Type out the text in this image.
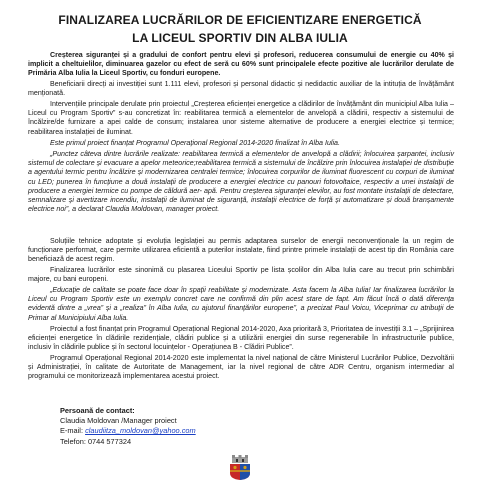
FINALIZAREA LUCRĂRILOR DE EFICIENTIZARE ENERGETICĂ
LA LICEUL SPORTIV DIN ALBA IULIA

Creșterea siguranței și a gradului de confort pentru elevi și profesori, reducerea consumului de energie cu 40% și implicit a cheltuielilor, diminuarea gazelor cu efect de seră cu 60% sunt principalele efecte pozitive ale lucrărilor derulate de Primăria Alba Iulia la Liceul Sportiv, cu fonduri europene.

Beneficiarii direcți ai investiției sunt 1.111 elevi, profesori și personal didactic și nedidactic auxiliar de la intituția de învățământ menționată.

Intervențiile principale derulate prin proiectul „Creșterea eficienței energetice a clădirilor de învățământ din municipiul Alba Iulia – Liceul cu Program Sportiv” s-au concretizat în: reabilitarea termică a elementelor de anvelopă a clădirii, respectiv a sistemului de încălzire/de furnizare a apei calde de consum; instalarea unor sisteme alternative de producere a energiei electrice și termice; reabilitarea instalației de iluminat.

Este primul proiect finanțat Programul Operațional Regional 2014-2020 finalizat în Alba Iulia.

„Punctez câteva dintre lucrările realizate: reabilitarea termică a elementelor de anvelopă a clădirii; înlocuirea șarpantei, inclusiv sistemul de colectare și evacuare a apelor meteorice;reabilitarea termică a sistemului de încălzire prin înlocuirea instalației de distribuție a agentului termic pentru încălzire și modernizarea centralei termice; înlocuirea corpurilor de iluminat fluorescent cu corpuri de iluminat cu LED; punerea în funcțiune a două instalații de producere a energiei electrice cu panouri fotovoltaice, respectiv a unei instalații de producere a energiei termice cu pompe de căldură aer- apă. Pentru creșterea siguranței elevilor, au fost montate instalații de detectare, semnalizare și avertizare incendiu, instalații de iluminat de siguranță, instalații electrice de forță și automatizare și două branșamente electrice noi”, a declarat Claudia Moldovan, manager proiect.

Soluțiile tehnice adoptate și evoluția legislației au permis adaptarea surselor de energii neconvenționale la un regim de funcționare performat, care permite utilizarea eficientă a puterilor instalate, fiind printre primele instalații de acest tip din România care beneficiază de acest regim.

Finalizarea lucrărilor este sinonimă cu plasarea Liceului Sportiv pe lista școlilor din Alba Iulia care au trecut prin schimbări majore, cu bani europeni.

„Educație de calitate se poate face doar în spații reabilitate și modernizate. Asta facem la Alba Iulia! Iar finalizarea lucrărilor la Liceul cu Program Sportiv este un exemplu concret care ne confirmă din plin acest stare de fapt. Am făcut încă o dată diferența evidentă dintre a „vrea” și a „realiza” în Alba Iulia, cu ajutorul finanțărilor europene”, a precizat Paul Voicu, Viceprimar cu atribuții de Primar al Municipiului Alba Iulia.

Proiectul a fost finanțat prin Programul Operațional Regional 2014-2020, Axa prioritară 3, Prioritatea de investiții 3.1 – „Sprijinirea eficienței energetice în clădirile rezidențiale, clădiri publice și a utilizării energiei din surse regenerabile în infrastructurile publice, inclusiv în clădirile publice și în sectorul locuințelor - Operațiunea B - Clădiri Publice”.

Programul Operațional Regional 2014-2020 este implementat la nivel național de către Ministerul Lucrărilor Publice, Dezvoltării și Administrației, în calitate de Autoritate de Management, iar la nivel regional de către ADR Centru, organism intermediar al programului ce monitorizează implementarea acestui proiect.

Persoană de contact:
Claudia Moldovan /Manager proiect
E-mail: claudiitza_moldovan@yahoo.com
Telefon: 0744 577324
